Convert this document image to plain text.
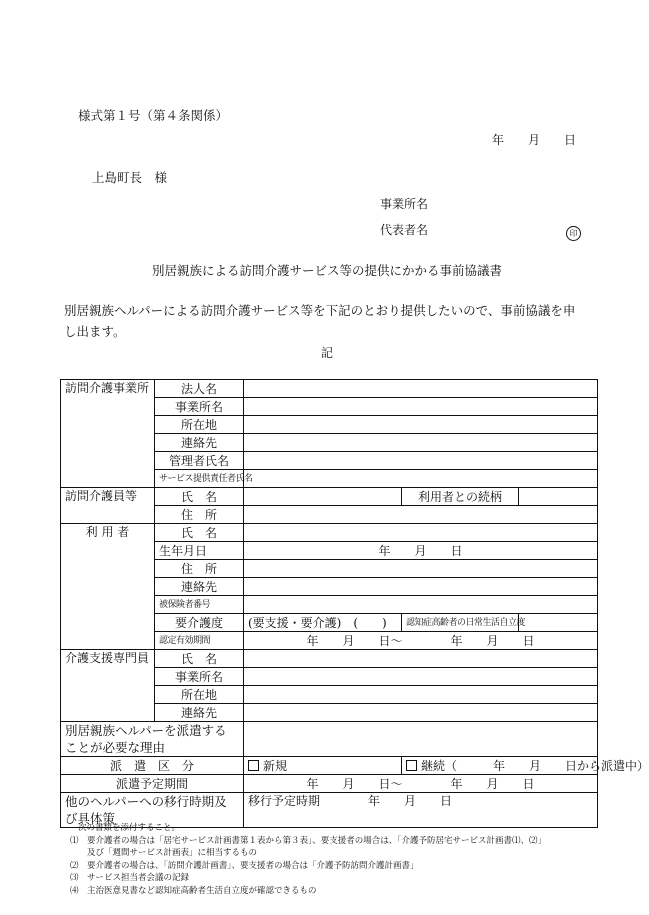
様式第１号（第４条関係）
年　　月　　日
上島町長　様
事業所名
代表者名	印
別居親族による訪問介護サービス等の提供にかかる事前協議書
別居親族ヘルパーによる訪問介護サービス等を下記のとおり提供したいので、事前協議を申
し出ます。
記
訪問介護事業所	法人名			
	事業所名			
	所在地			
	連絡先			
	管理者氏名			
	サービス提供責任者氏名			
訪問介護員等	氏　名		利用者との続柄	
	住　所			
利 用 者	氏　名			
	生年月日	年　　月　　日		
	住　所			
	連絡先			
	被保険者番号			
	要介護度	(要支援・要介護)　(　　)	認知症高齢者の日常生活自立度	
	認定有効期間	年　　月　　日～　　　　年　　月　　日		
介護支援専門員	氏　名			
	事業所名			
	所在地			
	連絡先			
別居親族ヘルパーを派遣することが必要な理由				
派　遣　区　分		新規	継続（　　　年　　月　　日から派遣中）	
派遣予定期間		年　　月　　日～　　　　年　　月　　日		
他のヘルパーへの移行時期及び具体策		移行予定時期　　　　年　　月　　日		
次の書類を添付すること。
⑴　要介護者の場合は「居宅サービス計画書第１表から第３表」、要支援者の場合は、「介護予防居宅サービス計画書⑴、⑵」
　　及び「週間サービス計画表」に相当するもの
⑵　要介護者の場合は、「訪問介護計画書」、要支援者の場合は「介護予防訪問介護計画書」
⑶　サービス担当者会議の記録
⑷　主治医意見書など認知症高齢者生活自立度が確認できるもの
